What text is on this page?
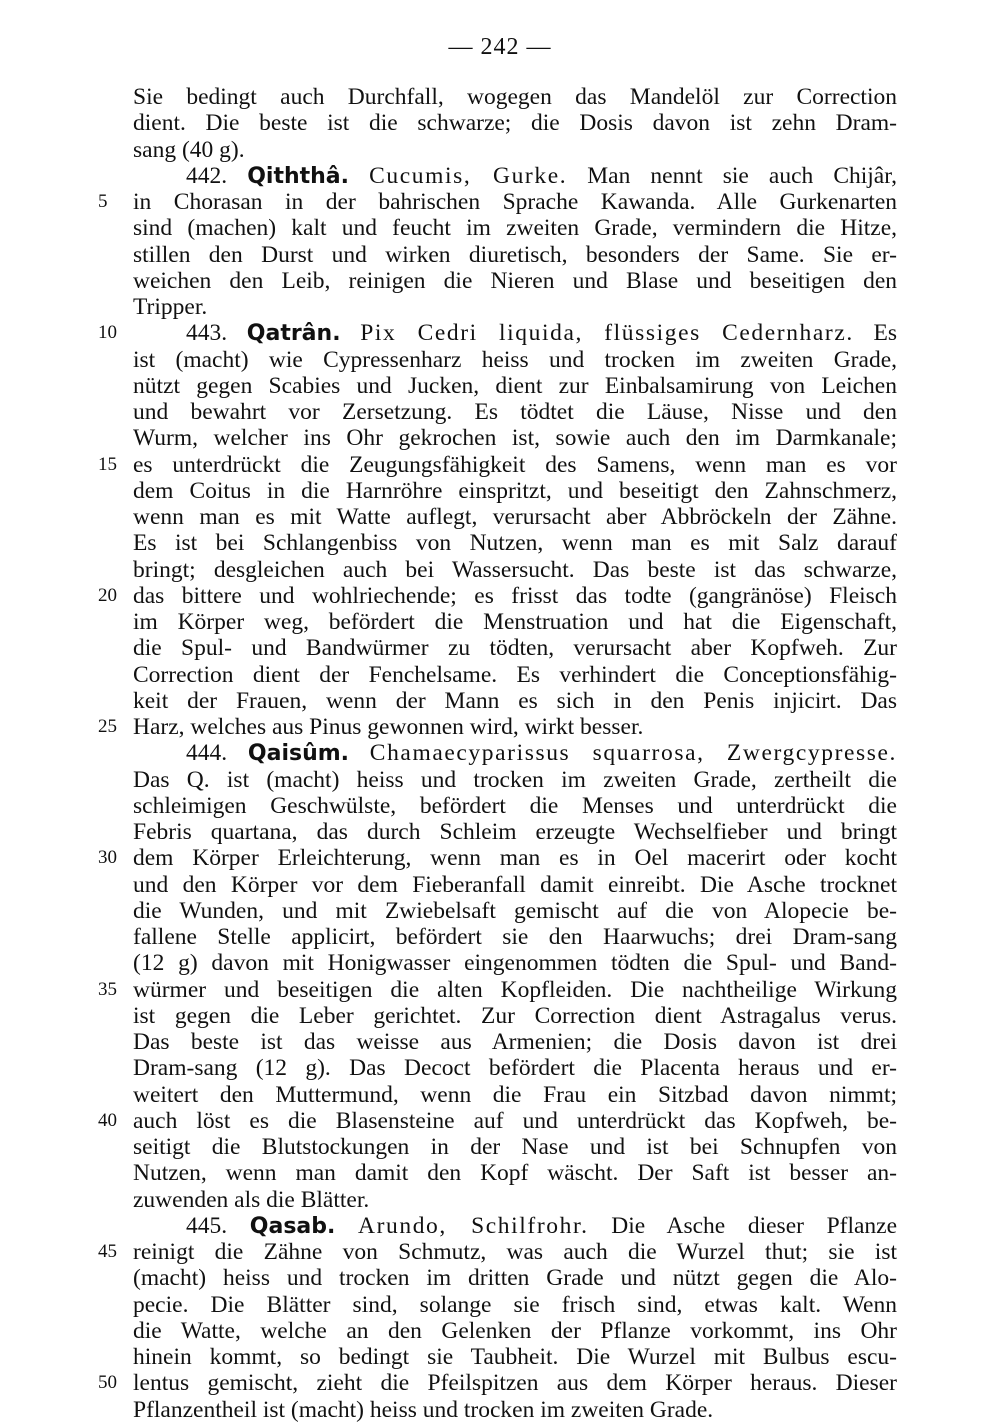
— 242 —
Sie bedingt auch Durchfall, wogegen das Mandelöl zur Correction
dient. Die beste ist die schwarze; die Dosis davon ist zehn Dram-
sang (40 g).
442. Qiththâ. Cucumis, Gurke. Man nennt sie auch Chijâr,
5	in Chorasan in der bahrischen Sprache Kawanda. Alle Gurkenarten
sind (machen) kalt und feucht im zweiten Grade, vermindern die Hitze,
stillen den Durst und wirken diuretisch, besonders der Same. Sie er-
weichen den Leib, reinigen die Nieren und Blase und beseitigen den
Tripper.
10	443. Qatrân. Pix Cedri liquida, flüssiges Cedernharz. Es
ist (macht) wie Cypressenharz heiss und trocken im zweiten Grade,
nützt gegen Scabies und Jucken, dient zur Einbalsamirung von Leichen
und bewahrt vor Zersetzung. Es tödtet die Läuse, Nisse und den
Wurm, welcher ins Ohr gekrochen ist, sowie auch den im Darmkanale;
15 es unterdrückt die Zeugungsfähigkeit des Samens, wenn man es vor
dem Coitus in die Harnröhre einspritzt, und beseitigt den Zahnschmerz,
wenn man es mit Watte auflegt, verursacht aber Abbröckeln der Zähne.
Es ist bei Schlangenbiss von Nutzen, wenn man es mit Salz darauf
bringt; desgleichen auch bei Wassersucht. Das beste ist das schwarze,
20 das bittere und wohlriechende; es frisst das todte (gangränöse) Fleisch
im Körper weg, befördert die Menstruation und hat die Eigenschaft,
die Spul- und Bandwürmer zu tödten, verursacht aber Kopfweh. Zur
Correction dient der Fenchelsame. Es verhindert die Conceptionsfähig-
keit der Frauen, wenn der Mann es sich in den Penis injicirt. Das
25 Harz, welches aus Pinus gewonnen wird, wirkt besser.
444. Qaisûm. Chamaecyparissus squarrosa, Zwergcypresse.
Das Q. ist (macht) heiss und trocken im zweiten Grade, zertheilt die
schleimigen Geschwülste, befördert die Menses und unterdrückt die
Febris quartana, das durch Schleim erzeugte Wechselfieber und bringt
30 dem Körper Erleichterung, wenn man es in Oel macerirt oder kocht
und den Körper vor dem Fieberanfall damit einreibt. Die Asche trocknet
die Wunden, und mit Zwiebelsaft gemischt auf die von Alopecie be-
fallene Stelle applicirt, befördert sie den Haarwuchs; drei Dram-sang
(12 g) davon mit Honigwasser eingenommen tödten die Spul- und Band-
35 würmer und beseitigen die alten Kopfleiden. Die nachtheilige Wirkung
ist gegen die Leber gerichtet. Zur Correction dient Astragalus verus.
Das beste ist das weisse aus Armenien; die Dosis davon ist drei
Dram-sang (12 g). Das Decoct befördert die Placenta heraus und er-
weitert den Muttermund, wenn die Frau ein Sitzbad davon nimmt;
40 auch löst es die Blasensteine auf und unterdrückt das Kopfweh, be-
seitigt die Blutstockungen in der Nase und ist bei Schnupfen von
Nutzen, wenn man damit den Kopf wäscht. Der Saft ist besser an-
zuwenden als die Blätter.
445. Qasab. Arundo, Schilfrohr. Die Asche dieser Pflanze
45 reinigt die Zähne von Schmutz, was auch die Wurzel thut; sie ist
(macht) heiss und trocken im dritten Grade und nützt gegen die Alo-
pecie. Die Blätter sind, solange sie frisch sind, etwas kalt. Wenn
die Watte, welche an den Gelenken der Pflanze vorkommt, ins Ohr
hinein kommt, so bedingt sie Taubheit. Die Wurzel mit Bulbus escu-
50 lentus gemischt, zieht die Pfeilspitzen aus dem Körper heraus. Dieser
Pflanzentheil ist (macht) heiss und trocken im zweiten Grade.
